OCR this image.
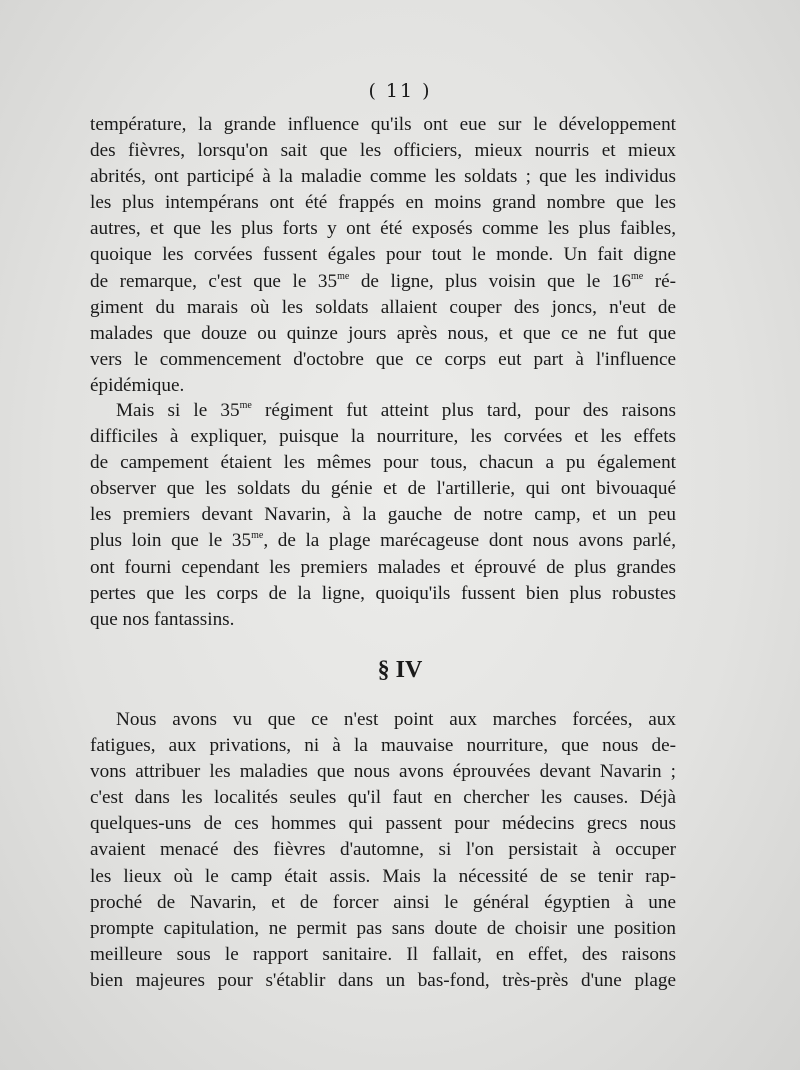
( 11 )
température, la grande influence qu'ils ont eue sur le développement
des fièvres, lorsqu'on sait que les officiers, mieux nourris et mieux
abrités, ont participé à la maladie comme les soldats ; que les individus
les plus intempérans ont été frappés en moins grand nombre que les
autres, et que les plus forts y ont été exposés comme les plus faibles,
quoique les corvées fussent égales pour tout le monde. Un fait digne
de remarque, c'est que le $35^{me}$ de ligne, plus voisin que le $16^{me}$ ré-
giment du marais où les soldats allaient couper des joncs, n'eut de
malades que douze ou quinze jours après nous, et que ce ne fut que
vers le commencement d'octobre que ce corps eut part à l'influence
épidémique.
Mais si le $35^{me}$ régiment fut atteint plus tard, pour des raisons
difficiles à expliquer, puisque la nourriture, les corvées et les effets
de campement étaient les mêmes pour tous, chacun a pu également
observer que les soldats du génie et de l'artillerie, qui ont bivouaqué
les premiers devant Navarin, à la gauche de notre camp, et un peu
plus loin que le $35^{me}$, de la plage marécageuse dont nous avons parlé,
ont fourni cependant les premiers malades et éprouvé de plus grandes
pertes que les corps de la ligne, quoiqu'ils fussent bien plus robustes
que nos fantassins.
§ IV
Nous avons vu que ce n'est point aux marches forcées, aux
fatigues, aux privations, ni à la mauvaise nourriture, que nous de-
vons attribuer les maladies que nous avons éprouvées devant Navarin ;
c'est dans les localités seules qu'il faut en chercher les causes. Déjà
quelques-uns de ces hommes qui passent pour médecins grecs nous
avaient menacé des fièvres d'automne, si l'on persistait à occuper
les lieux où le camp était assis. Mais la nécessité de se tenir rap-
proché de Navarin, et de forcer ainsi le général égyptien à une
prompte capitulation, ne permit pas sans doute de choisir une position
meilleure sous le rapport sanitaire. Il fallait, en effet, des raisons
bien majeures pour s'établir dans un bas-fond, très-près d'une plage
